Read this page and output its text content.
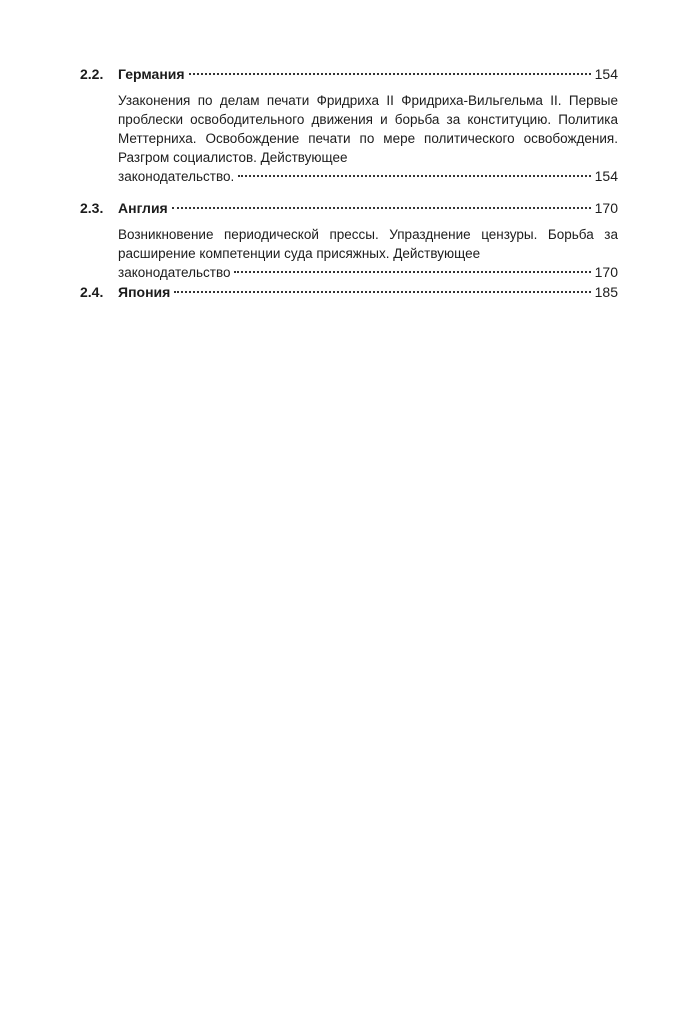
2.2.	Германия	154
Узаконения по делам печати Фридриха II Фридриха-Вильгельма II. Первые проблески освободительного движения и борьба за конституцию. Политика Меттерниха. Освобождение печати по мере политического освобождения. Разгром социалистов. Действующее
законодательство.	154
2.3.	Англия	170
Возникновение периодической прессы. Упразднение цензуры. Борьба за расширение компетенции суда присяжных. Действующее
законодательство	170
2.4.	Япония	185
